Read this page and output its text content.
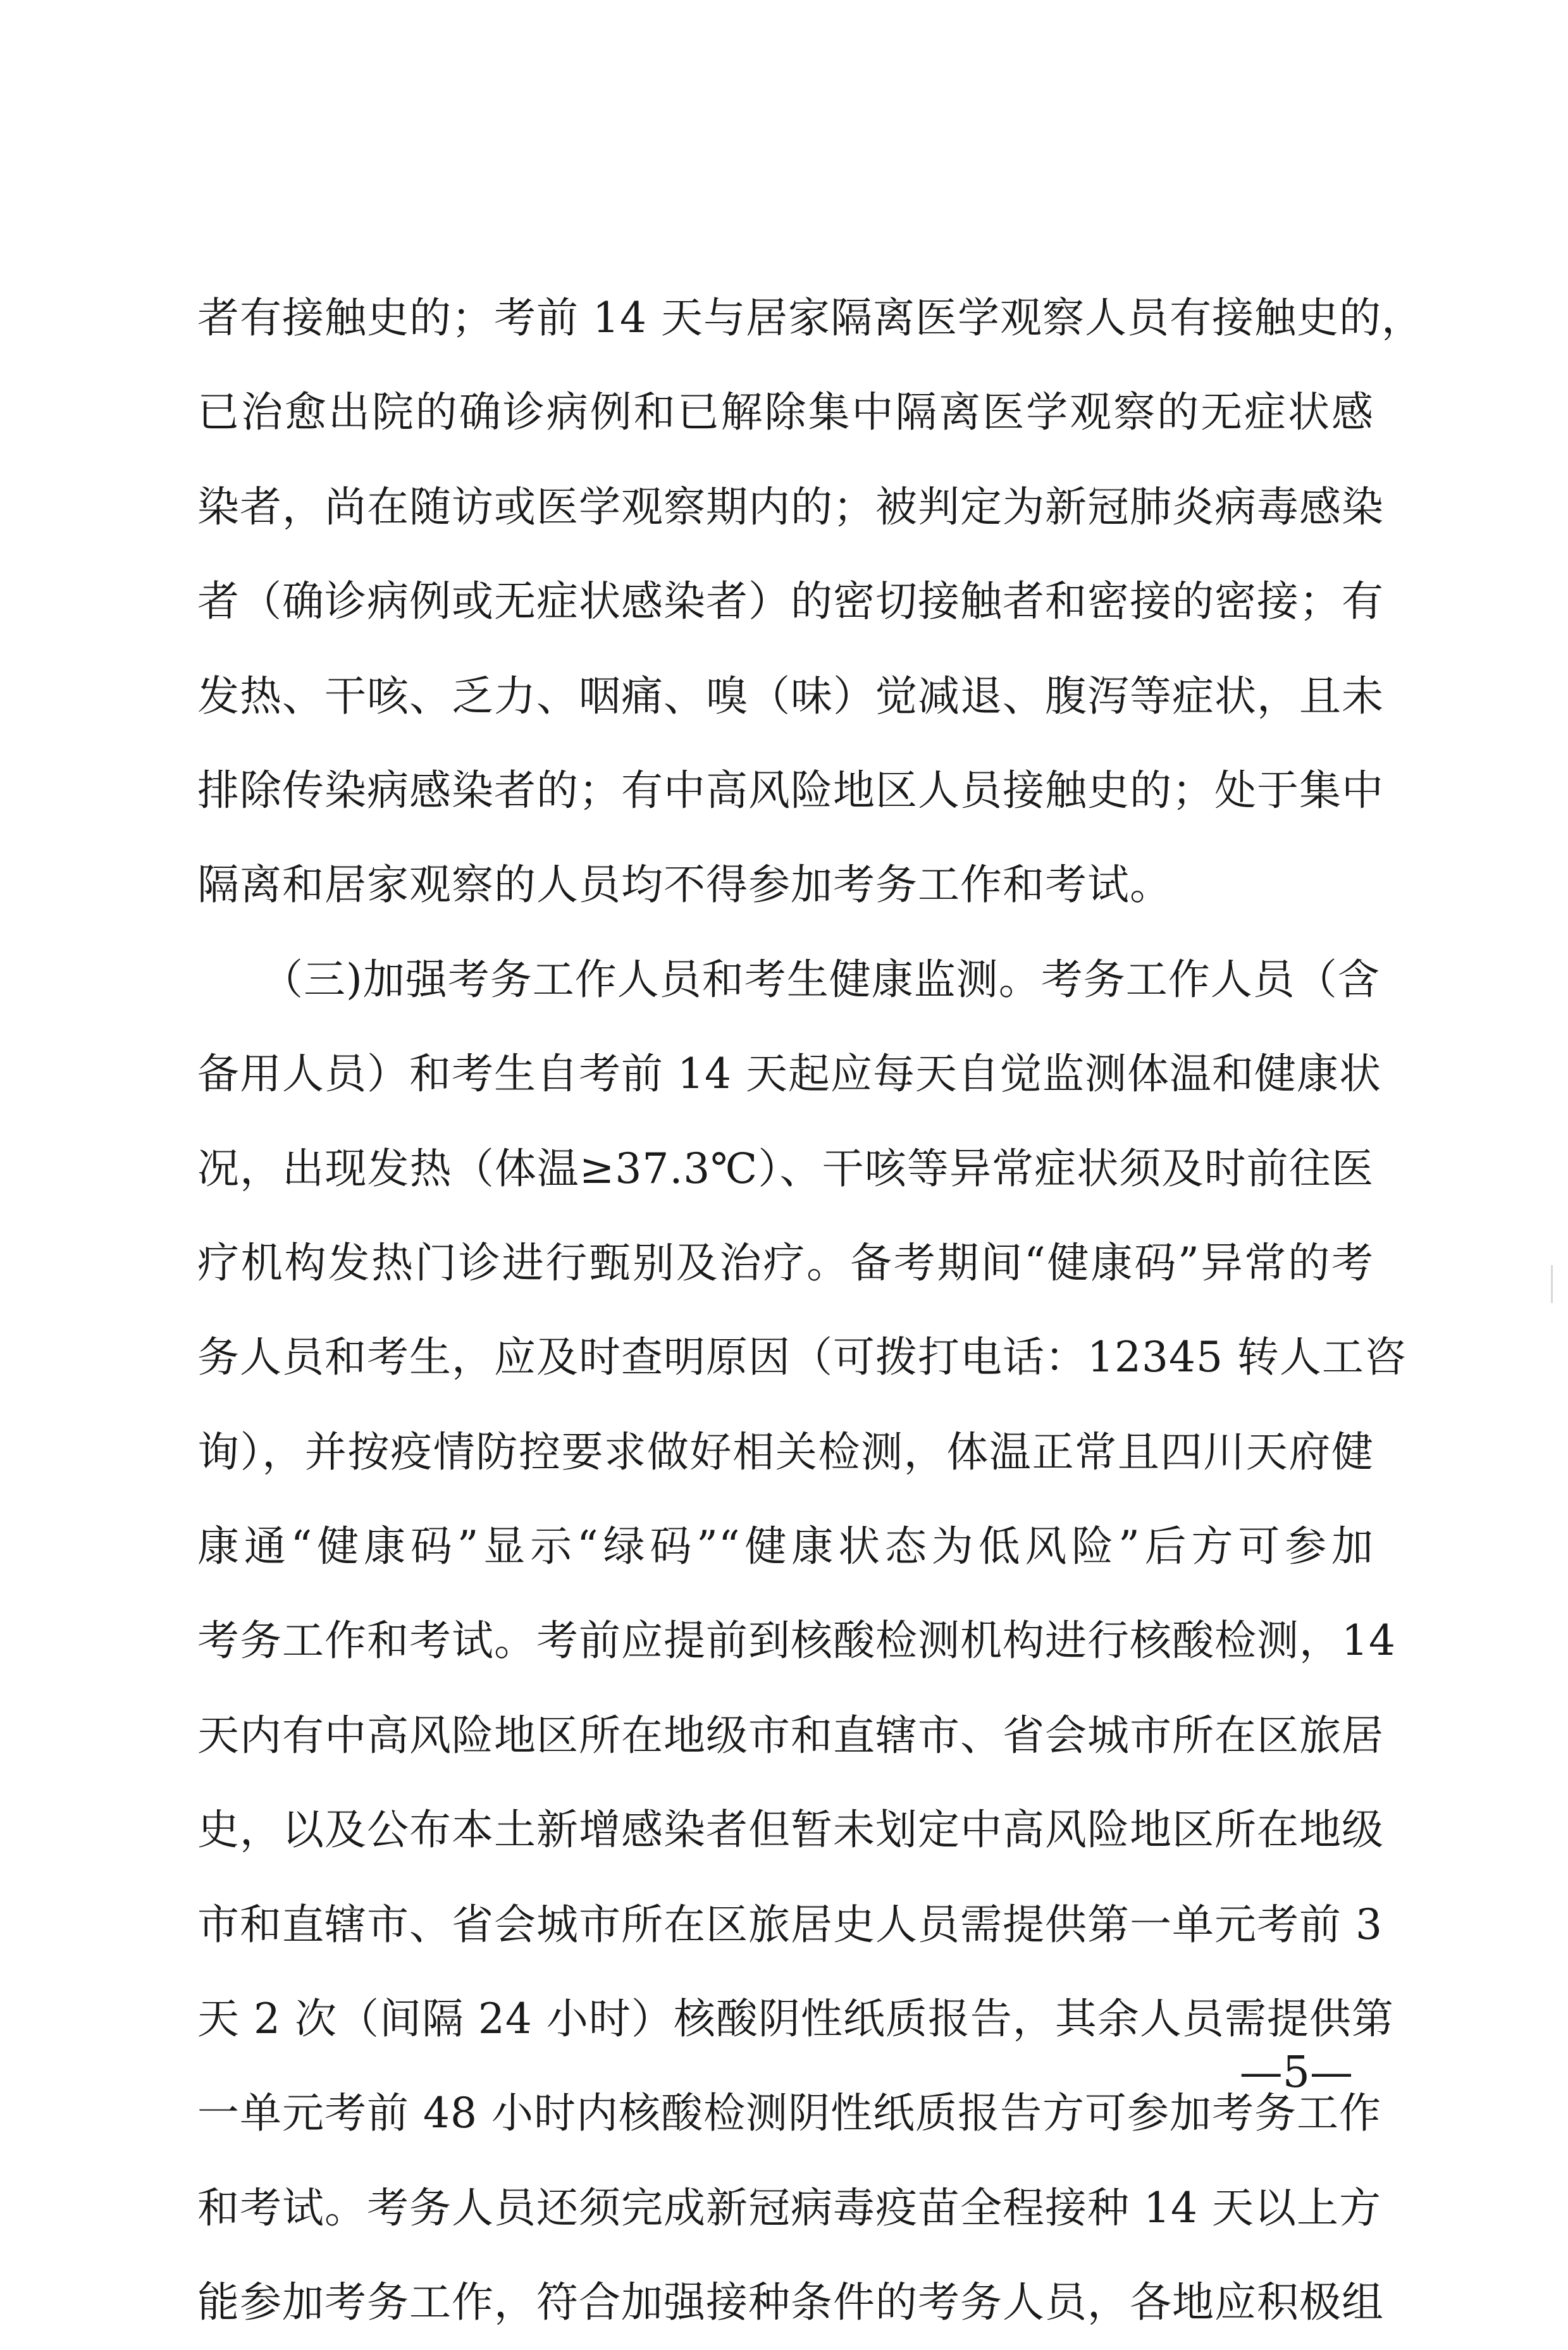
者有接触史的；考前 14 天与居家隔离医学观察人员有接触史的，
已治愈出院的确诊病例和已解除集中隔离医学观察的无症状感
染者，尚在随访或医学观察期内的；被判定为新冠肺炎病毒感染
者（确诊病例或无症状感染者）的密切接触者和密接的密接；有
发热、干咳、乏力、咽痛、嗅（味）觉减退、腹泻等症状，且未
排除传染病感染者的；有中高风险地区人员接触史的；处于集中
隔离和居家观察的人员均不得参加考务工作和考试。
　　（三)加强考务工作人员和考生健康监测。考务工作人员（含
备用人员）和考生自考前 14 天起应每天自觉监测体温和健康状
况，出现发热（体温≥37.3℃）、干咳等异常症状须及时前往医
疗机构发热门诊进行甄别及治疗。备考期间“健康码”异常的考
务人员和考生，应及时查明原因（可拨打电话：12345 转人工咨
询），并按疫情防控要求做好相关检测，体温正常且四川天府健
康通“健康码”显示“绿码”“健康状态为低风险”后方可参加
考务工作和考试。考前应提前到核酸检测机构进行核酸检测，14
天内有中高风险地区所在地级市和直辖市、省会城市所在区旅居
史，以及公布本土新增感染者但暂未划定中高风险地区所在地级
市和直辖市、省会城市所在区旅居史人员需提供第一单元考前 3
天 2 次（间隔 24 小时）核酸阴性纸质报告，其余人员需提供第
一单元考前 48 小时内核酸检测阴性纸质报告方可参加考务工作
和考试。考务人员还须完成新冠病毒疫苗全程接种 14 天以上方
能参加考务工作，符合加强接种条件的考务人员，各地应积极组
—5—
